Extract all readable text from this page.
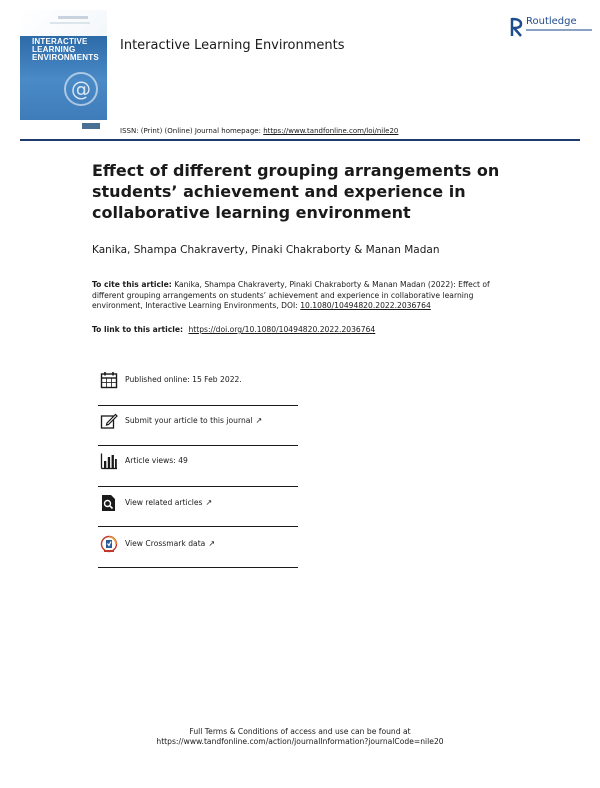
INTERACTIVE LEARNING ENVIRONMENTS
@
Interactive Learning Environments
Routledge
ISSN: (Print) (Online) Journal homepage: https://www.tandfonline.com/loi/nile20
Effect of different grouping arrangements on students’ achievement and experience in collaborative learning environment
Kanika, Shampa Chakraverty, Pinaki Chakraborty & Manan Madan
To cite this article: Kanika, Shampa Chakraverty, Pinaki Chakraborty & Manan Madan (2022): Effect of different grouping arrangements on students’ achievement and experience in collaborative learning environment, Interactive Learning Environments, DOI: 10.1080/10494820.2022.2036764
To link to this article: https://doi.org/10.1080/10494820.2022.2036764
Published online: 15 Feb 2022.
Submit your article to this journal ↗
Article views: 49
View related articles ↗
View Crossmark data ↗
Full Terms & Conditions of access and use can be found at
https://www.tandfonline.com/action/journalInformation?journalCode=nile20
